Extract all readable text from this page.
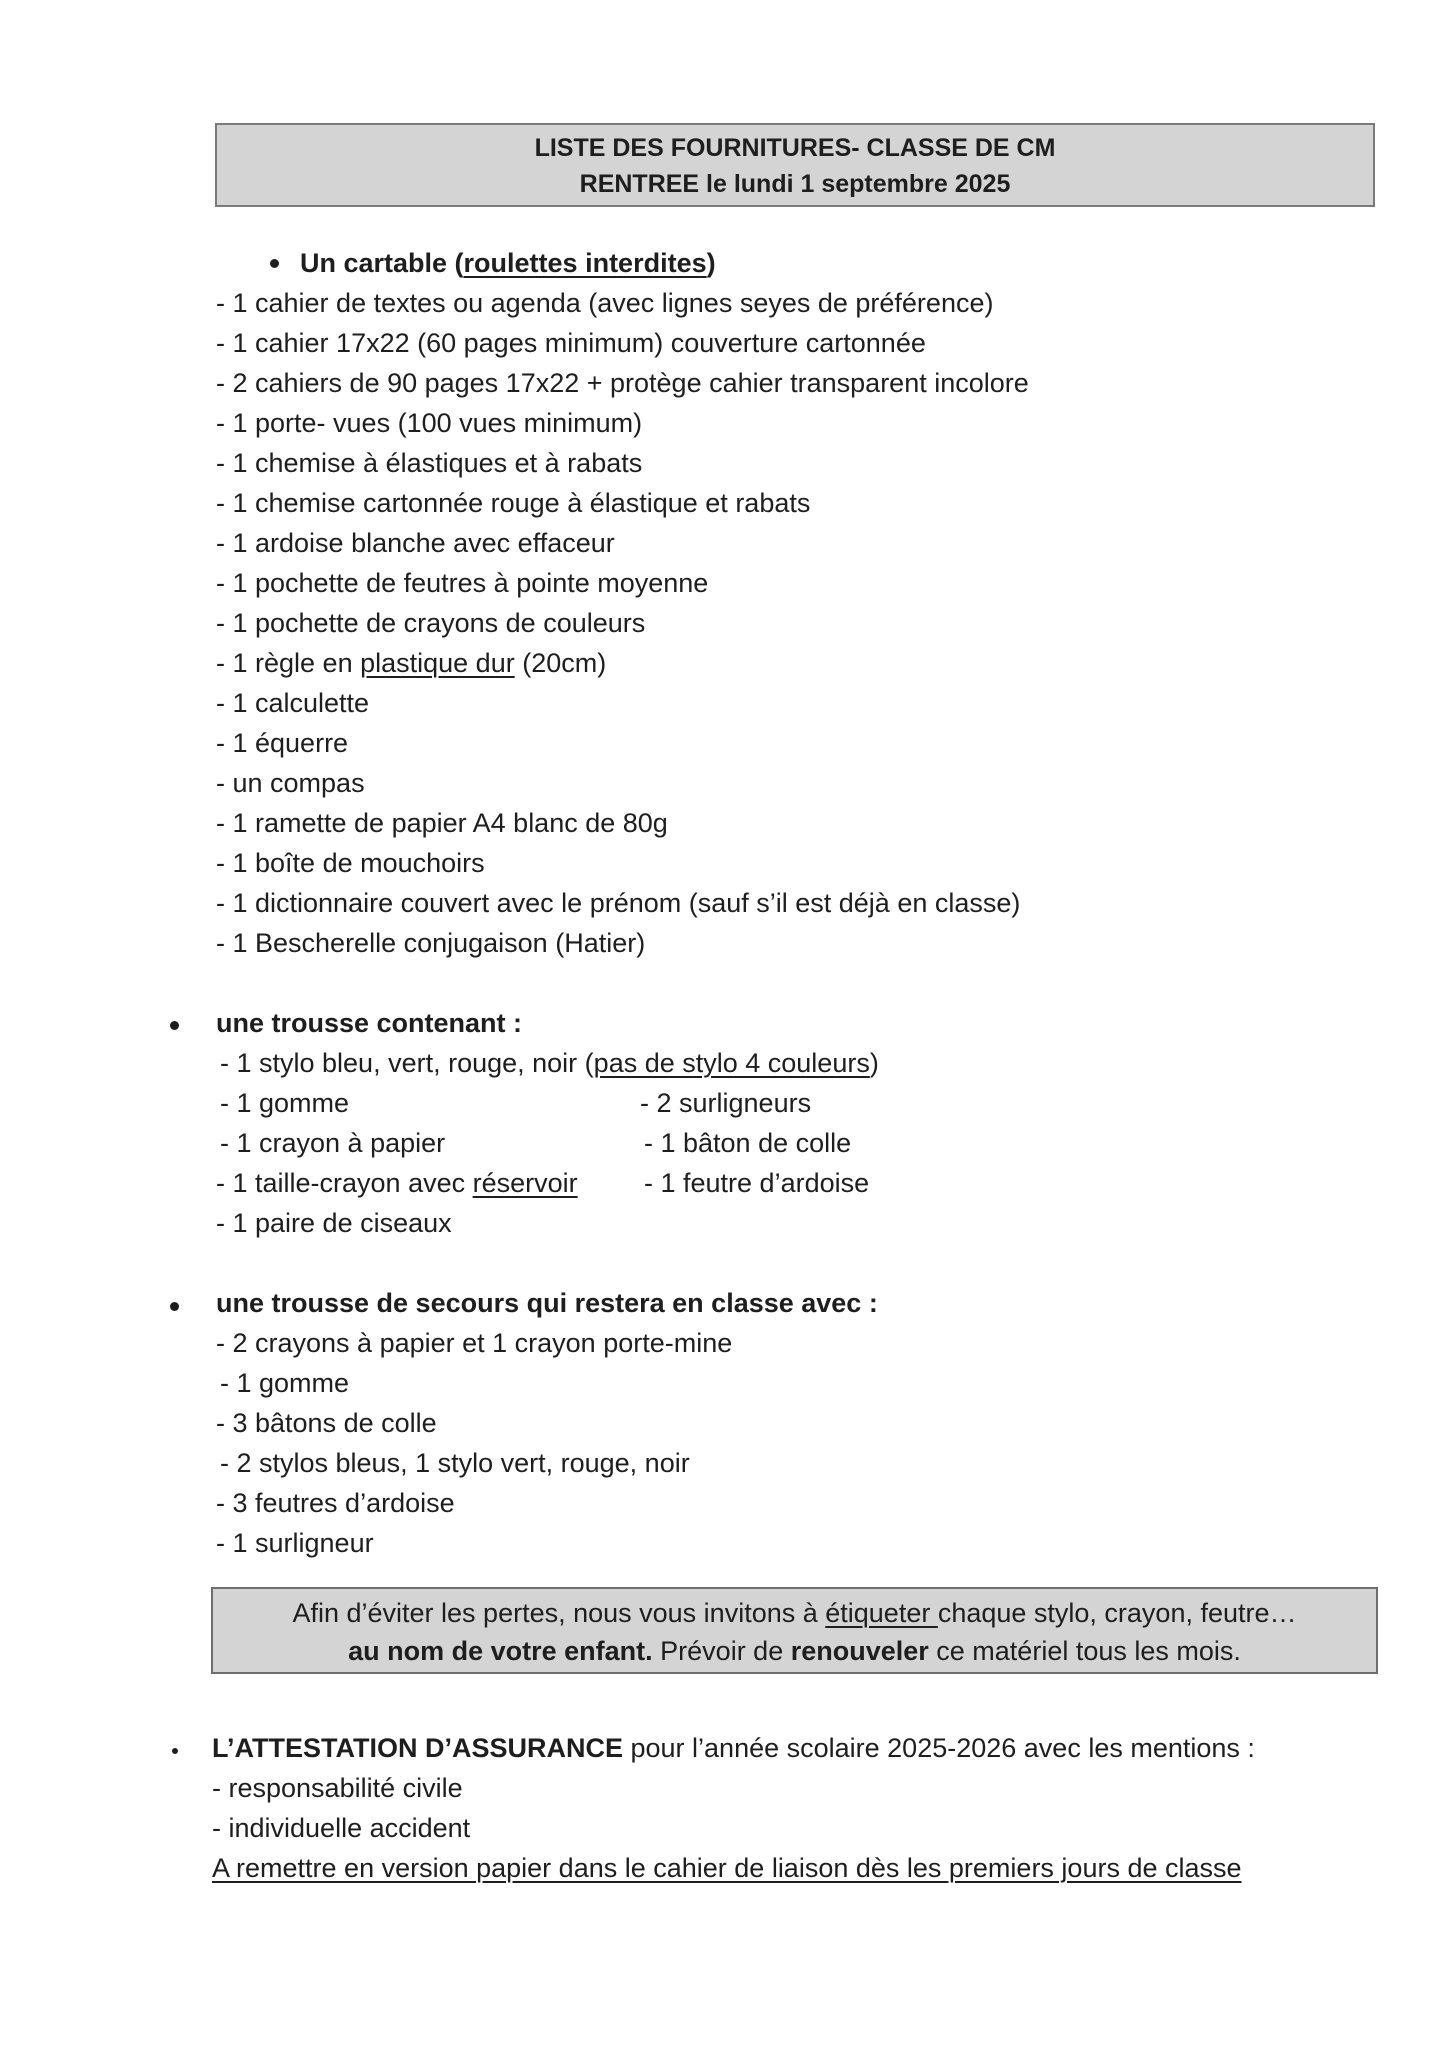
LISTE DES FOURNITURES- CLASSE DE CM
RENTREE le lundi 1 septembre 2025
Un cartable (roulettes interdites)
- 1 cahier de textes ou agenda (avec lignes seyes de préférence)
- 1 cahier 17x22 (60 pages minimum) couverture cartonnée
- 2 cahiers de 90 pages 17x22 + protège cahier transparent incolore
- 1 porte- vues (100 vues minimum)
- 1 chemise à élastiques et à rabats
- 1 chemise cartonnée rouge à élastique et rabats
- 1 ardoise blanche avec effaceur
- 1 pochette de feutres à pointe moyenne
- 1 pochette de crayons de couleurs
- 1 règle en plastique dur (20cm)
- 1 calculette
- 1 équerre
- un compas
- 1 ramette de papier A4 blanc de 80g
- 1 boîte de mouchoirs
- 1 dictionnaire couvert avec le prénom (sauf s’il est déjà en classe)
- 1 Bescherelle conjugaison (Hatier)
une trousse contenant :
- 1 stylo bleu, vert, rouge, noir (pas de stylo 4 couleurs)
- 1 gomme	- 2 surligneurs
- 1 crayon à papier	- 1 bâton de colle
- 1 taille-crayon avec réservoir - 1 feutre d’ardoise
- 1 paire de ciseaux
une trousse de secours qui restera en classe avec :
- 2 crayons à papier et 1 crayon porte-mine
- 1 gomme
- 3 bâtons de colle
- 2 stylos bleus, 1 stylo vert, rouge, noir
- 3 feutres d’ardoise
- 1 surligneur
Afin d’éviter les pertes, nous vous invitons à étiqueter chaque stylo, crayon, feutre…
au nom de votre enfant. Prévoir de renouveler ce matériel tous les mois.
L’ATTESTATION D’ASSURANCE pour l’année scolaire 2025-2026 avec les mentions :
- responsabilité civile
- individuelle accident
A remettre en version papier dans le cahier de liaison dès les premiers jours de classe
